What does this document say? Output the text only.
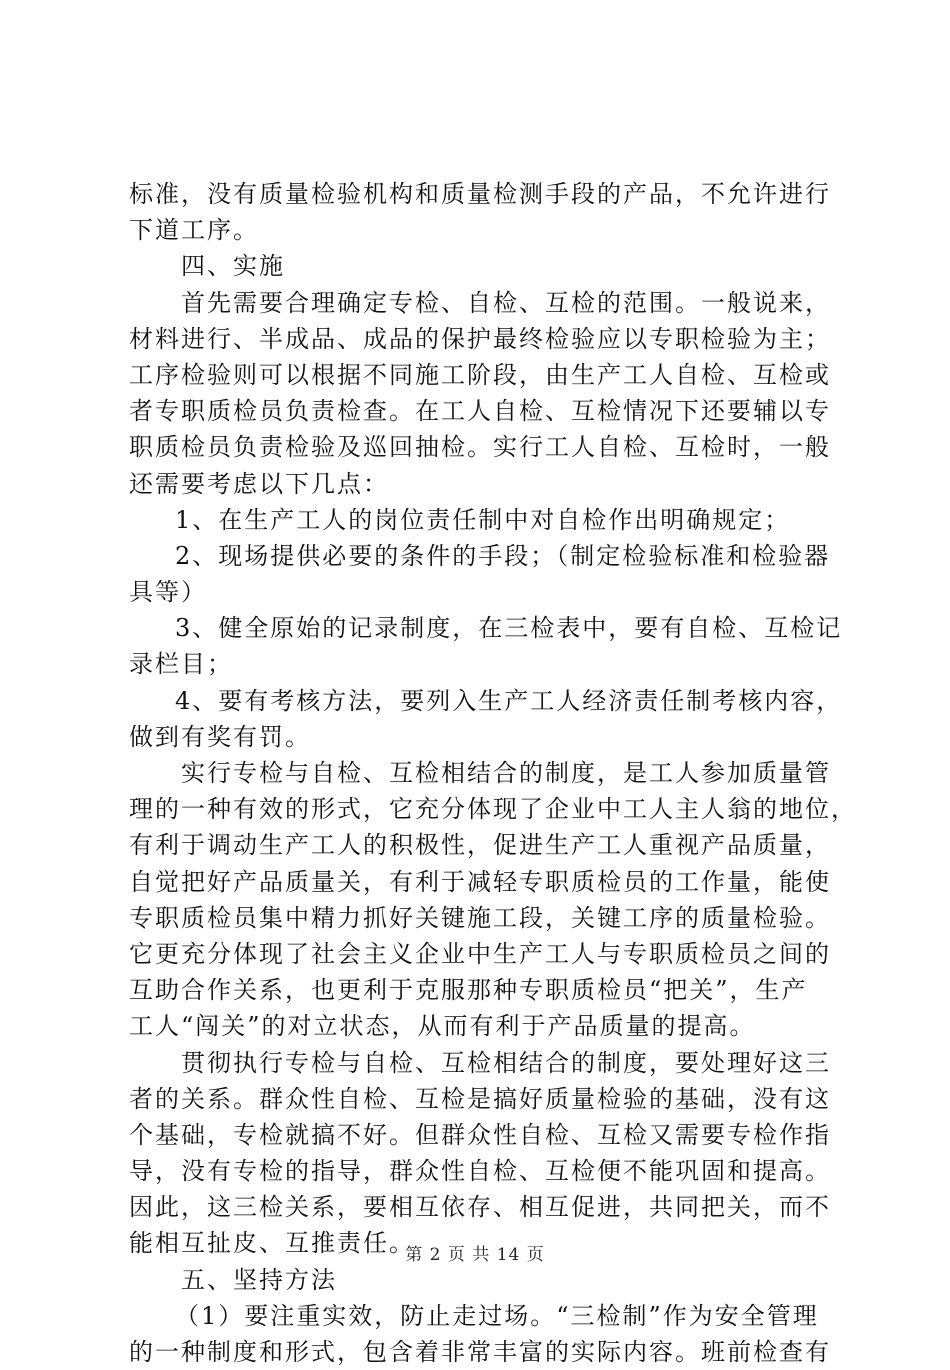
标准，没有质量检验机构和质量检测手段的产品，不允许进行
下道工序。
四、实施
首先需要合理确定专检、自检、互检的范围。一般说来，
材料进行、半成品、成品的保护最终检验应以专职检验为主；
工序检验则可以根据不同施工阶段，由生产工人自检、互检或
者专职质检员负责检查。在工人自检、互检情况下还要辅以专
职质检员负责检验及巡回抽检。实行工人自检、互检时，一般
还需要考虑以下几点：
1、在生产工人的岗位责任制中对自检作出明确规定；
2、现场提供必要的条件的手段；（制定检验标准和检验器
具等）
3、健全原始的记录制度，在三检表中，要有自检、互检记
录栏目；
4、要有考核方法，要列入生产工人经济责任制考核内容，
做到有奖有罚。
实行专检与自检、互检相结合的制度，是工人参加质量管
理的一种有效的形式，它充分体现了企业中工人主人翁的地位，
有利于调动生产工人的积极性，促进生产工人重视产品质量，
自觉把好产品质量关，有利于减轻专职质检员的工作量，能使
专职质检员集中精力抓好关键施工段，关键工序的质量检验。
它更充分体现了社会主义企业中生产工人与专职质检员之间的
互助合作关系，也更利于克服那种专职质检员“把关”，生产
工人“闯关”的对立状态，从而有利于产品质量的提高。
贯彻执行专检与自检、互检相结合的制度，要处理好这三
者的关系。群众性自检、互检是搞好质量检验的基础，没有这
个基础，专检就搞不好。但群众性自检、互检又需要专检作指
导，没有专检的指导，群众性自检、互检便不能巩固和提高。
因此，这三检关系，要相互依存、相互促进，共同把关，而不
能相互扯皮、互推责任。
五、坚持方法
（1）要注重实效，防止走过场。“三检制”作为安全管理
的一种制度和形式，包含着非常丰富的实际内容。班前检查有
第 2 页 共 14 页
